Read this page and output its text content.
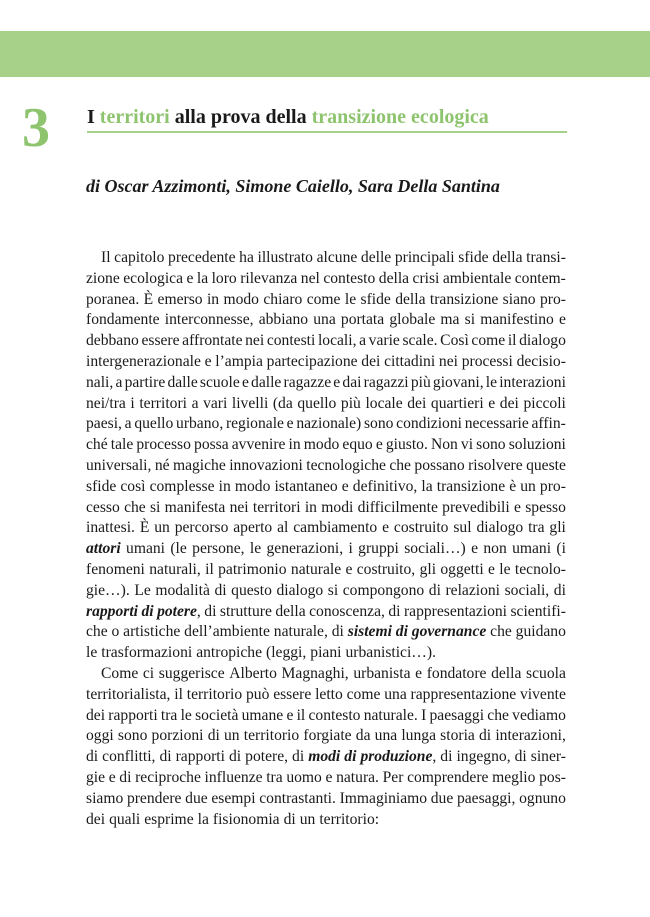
3 I territori alla prova della transizione ecologica
di Oscar Azzimonti, Simone Caiello, Sara Della Santina
Il capitolo precedente ha illustrato alcune delle principali sfide della transi-
zione ecologica e la loro rilevanza nel contesto della crisi ambientale contem-
poranea. È emerso in modo chiaro come le sfide della transizione siano pro-
fondamente interconnesse, abbiano una portata globale ma si manifestino e
debbano essere affrontate nei contesti locali, a varie scale. Così come il dialogo
intergenerazionale e l’ampia partecipazione dei cittadini nei processi decisio-
nali, a partire dalle scuole e dalle ragazze e dai ragazzi più giovani, le interazioni
nei/tra i territori a vari livelli (da quello più locale dei quartieri e dei piccoli
paesi, a quello urbano, regionale e nazionale) sono condizioni necessarie affin-
ché tale processo possa avvenire in modo equo e giusto. Non vi sono soluzioni
universali, né magiche innovazioni tecnologiche che possano risolvere queste
sfide così complesse in modo istantaneo e definitivo, la transizione è un pro-
cesso che si manifesta nei territori in modi difficilmente prevedibili e spesso
inattesi. È un percorso aperto al cambiamento e costruito sul dialogo tra gli
attori umani (le persone, le generazioni, i gruppi sociali…) e non umani (i
fenomeni naturali, il patrimonio naturale e costruito, gli oggetti e le tecnolo-
gie…). Le modalità di questo dialogo si compongono di relazioni sociali, di
rapporti di potere, di strutture della conoscenza, di rappresentazioni scientifi-
che o artistiche dell’ambiente naturale, di sistemi di governance che guidano
le trasformazioni antropiche (leggi, piani urbanistici…).
Come ci suggerisce Alberto Magnaghi, urbanista e fondatore della scuola
territorialista, il territorio può essere letto come una rappresentazione vivente
dei rapporti tra le società umane e il contesto naturale. I paesaggi che vediamo
oggi sono porzioni di un territorio forgiate da una lunga storia di interazioni,
di conflitti, di rapporti di potere, di modi di produzione, di ingegno, di siner-
gie e di reciproche influenze tra uomo e natura. Per comprendere meglio pos-
siamo prendere due esempi contrastanti. Immaginiamo due paesaggi, ognuno
dei quali esprime la fisionomia di un territorio:
